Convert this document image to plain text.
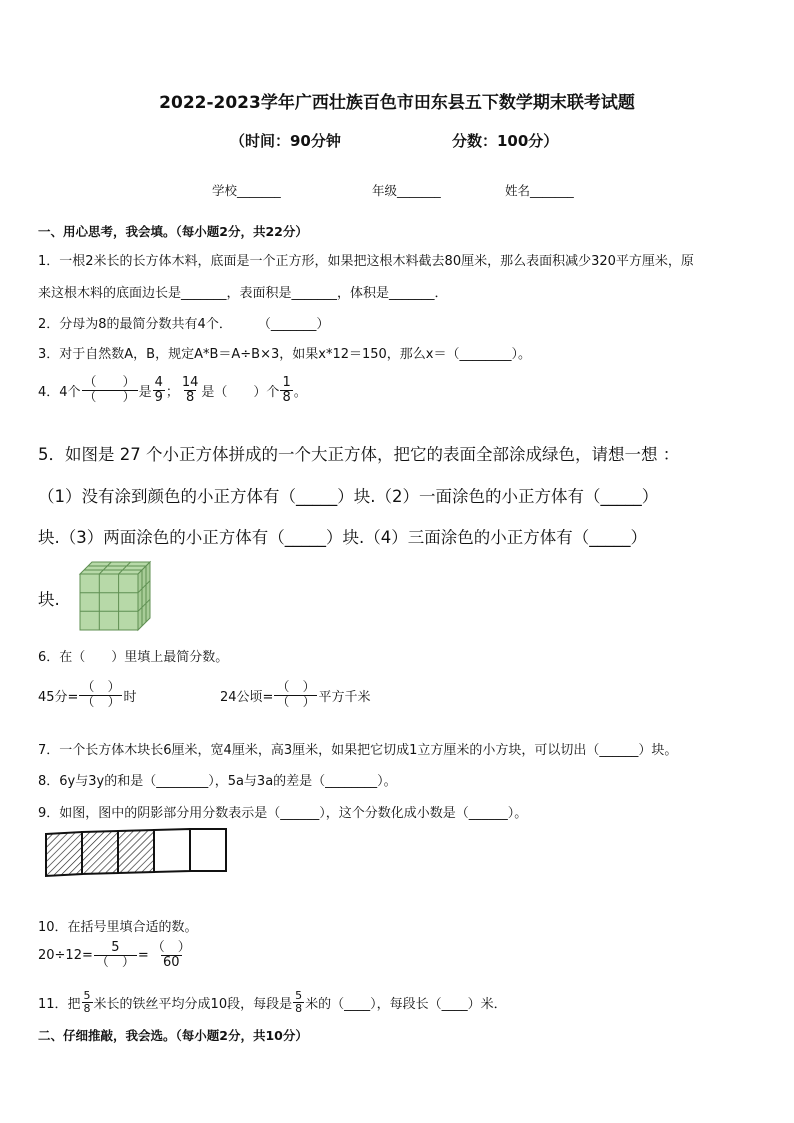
2022-2023学年广西壮族百色市田东县五下数学期末联考试题
（时间：90分钟	分数：100分）
学校_______	年级_______	姓名_______
一、用心思考，我会填。（每小题2分，共22分）
1．一根2米长的长方体木料，底面是一个正方形，如果把这根木料截去80厘米，那么表面积减少320平方厘米，原
来这根木料的底面边长是_______，表面积是_______，体积是_______．
2．分母为8的最简分数共有4个．　　　（_______）
3．对于自然数A，B，规定A*B＝A÷B×3，如果x*12＝150，那么x＝（________）。
4．4个 $\frac{( )}{( )}$ 是 $\frac{4}{9}$ ； $\frac{14}{8}$ 是（　　）个 $\frac{1}{8}$ 。
5．如图是 27 个小正方体拼成的一个大正方体，把它的表面全部涂成绿色，请想一想 ：
（1）没有涂到颜色的小正方体有（_____）块.（2）一面涂色的小正方体有（_____）
块.（3）两面涂色的小正方体有（_____）块.（4）三面涂色的小正方体有（_____）
块.
6．在（　　）里填上最简分数。
45分= $\frac{( )}{( )}$ 时	24公顷= $\frac{( )}{( )}$ 平方千米
7．一个长方体木块长6厘米，宽4厘米，高3厘米，如果把它切成1立方厘米的小方块，可以切出（______）块。
8．6y与3y的和是（________），5a与3a的差是（________）。
9．如图，图中的阴影部分用分数表示是（______），这个分数化成小数是（______）。
10．在括号里填合适的数。
$20\div 12= \frac{5}{( )} = \frac{( )}{60}$
11．把 $\frac{5}{8}$ 米长的铁丝平均分成10段，每段是 $\frac{5}{8}$ 米的（____），每段长（____）米．
二、仔细推敲，我会选。（每小题2分，共10分）
